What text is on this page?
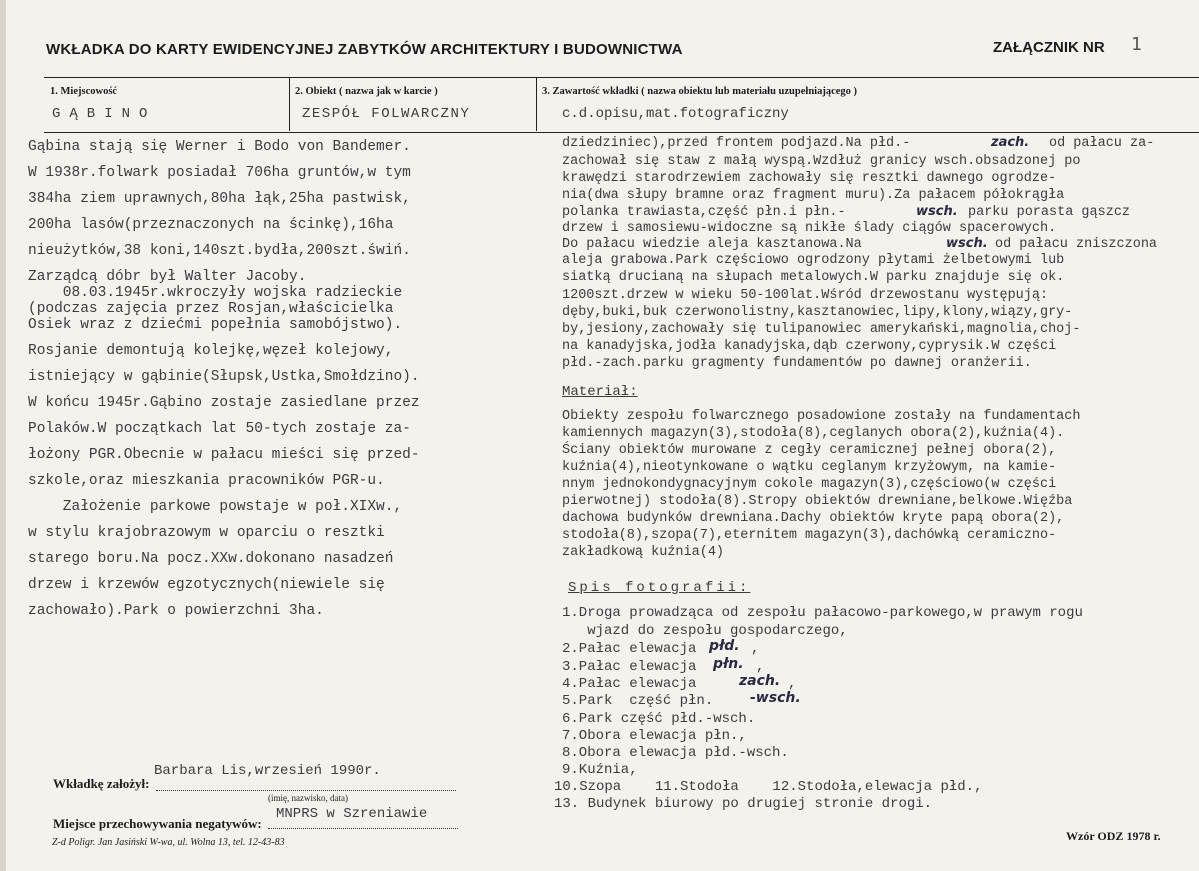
WKŁADKA DO KARTY EWIDENCYJNEJ ZABYTKÓW ARCHITEKTURY I BUDOWNICTWA	ZAŁĄCZNIK NR 1
1. Miejscowość
GĄBINO
2. Obiekt ( nazwa jak w karcie )
ZESPÓŁ FOLWARCZNY
3. Zawartość wkładki ( nazwa obiektu lub materiału uzupełniającego )
c.d.opisu,mat.fotograficzny
Gąbina stają się Werner i Bodo von Bandemer.
W 1938r.folwark posiadał 706ha gruntów,w tym
384ha ziem uprawnych,80ha łąk,25ha pastwisk,
200ha lasów(przeznaczonych na ścinkę),16ha
nieużytków,38 koni,140szt.bydła,200szt.świń.
Zarządcą dóbr był Walter Jacoby.
08.03.1945r.wkroczyły wojska radzieckie
(podczas zajęcia przez Rosjan,właścicielka
Osiek wraz z dziećmi popełnia samobójstwo).
Rosjanie demontują kolejkę,węzeł kolejowy,
istniejący w gąbinie(Słupsk,Ustka,Smołdzino).
W końcu 1945r.Gąbino zostaje zasiedlane przez
Polaków.W początkach lat 50-tych zostaje za-
łożony PGR.Obecnie w pałacu mieści się przed-
szkole,oraz mieszkania pracowników PGR-u.
Założenie parkowe powstaje w poł.XIXw.,
w stylu krajobrazowym w oparciu o resztki
starego boru.Na pocz.XXw.dokonano nasadzeń
drzew i krzewów egzotycznych(niewiele się
zachowało).Park o powierzchni 3ha.
dziedziniec),przed frontem podjazd.Na płd.-	zach. od pałacu za-
zachował się staw z małą wyspą.Wzdłuż granicy wsch.obsadzonej po
krawędzi starodrzewiem zachowały się resztki dawnego ogrodze-
nia(dwa słupy bramne oraz fragment muru).Za pałacem półokrągła
polanka trawiasta,część płn.i płn.-	wsch. parku porasta gąszcz
drzew i samosiewu-widoczne są nikłe ślady ciągów spacerowych.
Do pałacu wiedzie aleja kasztanowa.Na	wsch. od pałacu zniszczona
aleja grabowa.Park częściowo ogrodzony płytami żelbetowymi lub
siatką drucianą na słupach metalowych.W parku znajduje się ok.
1200szt.drzew w wieku 50-100lat.Wśród drzewostanu występują:
dęby,buki,buk czerwonolistny,kasztanowiec,lipy,klony,wiązy,gry-
by,jesiony,zachowały się tulipanowiec amerykański,magnolia,choj-
na kanadyjska,jodła kanadyjska,dąb czerwony,cyprysik.W części
płd.-zach.parku gragmenty fundamentów po dawnej oranżerii.
Materiał:
Obiekty zespołu folwarcznego posadowione zostały na fundamentach
kamiennych magazyn(3),stodoła(8),ceglanych obora(2),kuźnia(4).
Ściany obiektów murowane z cegły ceramicznej pełnej obora(2),
kuźnia(4),nieotynkowane o wątku ceglanym krzyżowym, na kamie-
nnym jednokondygnacyjnym cokole magazyn(3),częściowo(w części
pierwotnej) stodoła(8).Stropy obiektów drewniane,belkowe.Więźba
dachowa budynków drewniana.Dachy obiektów kryte papą obora(2),
stodoła(8),szopa(7),eternitem magazyn(3),dachówką ceramiczno-
zakładkową kuźnia(4)
Spis fotografii:
1.Droga prowadząca od zespołu pałacowo-parkowego,w prawym rogu
wjazd do zespołu gospodarczego,
2.Pałac elewacja płd. ,
3.Pałac elewacja płn. ,
4.Pałac elewacja	zach. ,
5.Park  część płn.	-wsch.
6.Park część płd.-wsch.
7.Obora elewacja płn.,
8.Obora elewacja płd.-wsch.
9.Kuźnia,
10.Szopa    11.Stodoła    12.Stodoła,elewacja płd.,
13. Budynek biurowy po drugiej stronie drogi.
Wkładkę założył:
Barbara Lis,wrzesień 1990r.
(imię, nazwisko, data)
Miejsce przechowywania negatywów:
MNPRS w Szreniawie
Z-d Poligr. Jan Jasiński W-wa, ul. Wolna 13, tel. 12-43-83	Wzór ODZ 1978 r.
